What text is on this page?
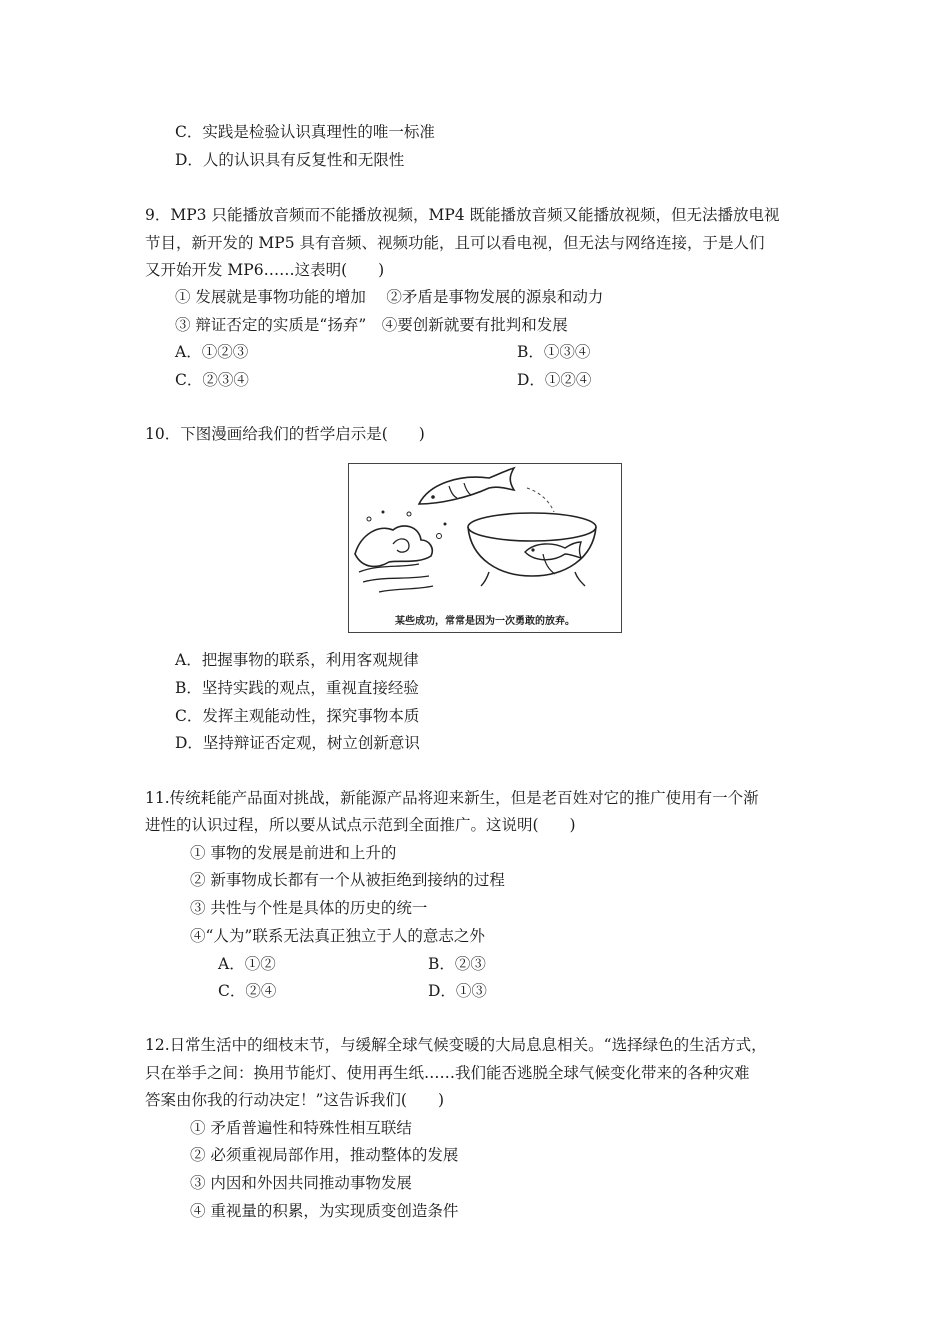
C．实践是检验认识真理性的唯一标准
D．人的认识具有反复性和无限性
9．MP3 只能播放音频而不能播放视频，MP4 既能播放音频又能播放视频，但无法播放电视
节目，新开发的 MP5 具有音频、视频功能，且可以看电视，但无法与网络连接，于是人们
又开始开发 MP6……这表明(　　)
① 发展就是事物功能的增加　 ②矛盾是事物发展的源泉和动力
③ 辩证否定的实质是“扬弃”　④要创新就要有批判和发展
A．①②③	B．①③④
C．②③④	D．①②④
10．下图漫画给我们的哲学启示是(　　)
某些成功，常常是因为一次勇敢的放弃。
A．把握事物的联系，利用客观规律
B．坚持实践的观点，重视直接经验
C．发挥主观能动性，探究事物本质
D．坚持辩证否定观，树立创新意识
11.传统耗能产品面对挑战，新能源产品将迎来新生，但是老百姓对它的推广使用有一个渐
进性的认识过程，所以要从试点示范到全面推广。这说明(　　)
① 事物的发展是前进和上升的
② 新事物成长都有一个从被拒绝到接纳的过程
③ 共性与个性是具体的历史的统一
④“人为”联系无法真正独立于人的意志之外
A．①②	B．②③
C．②④	D．①③
12.日常生活中的细枝末节，与缓解全球气候变暖的大局息息相关。“选择绿色的生活方式，
只在举手之间：换用节能灯、使用再生纸……我们能否逃脱全球气候变化带来的各种灾难
答案由你我的行动决定！”这告诉我们(　　)
① 矛盾普遍性和特殊性相互联结
② 必须重视局部作用，推动整体的发展
③ 内因和外因共同推动事物发展
④ 重视量的积累，为实现质变创造条件
